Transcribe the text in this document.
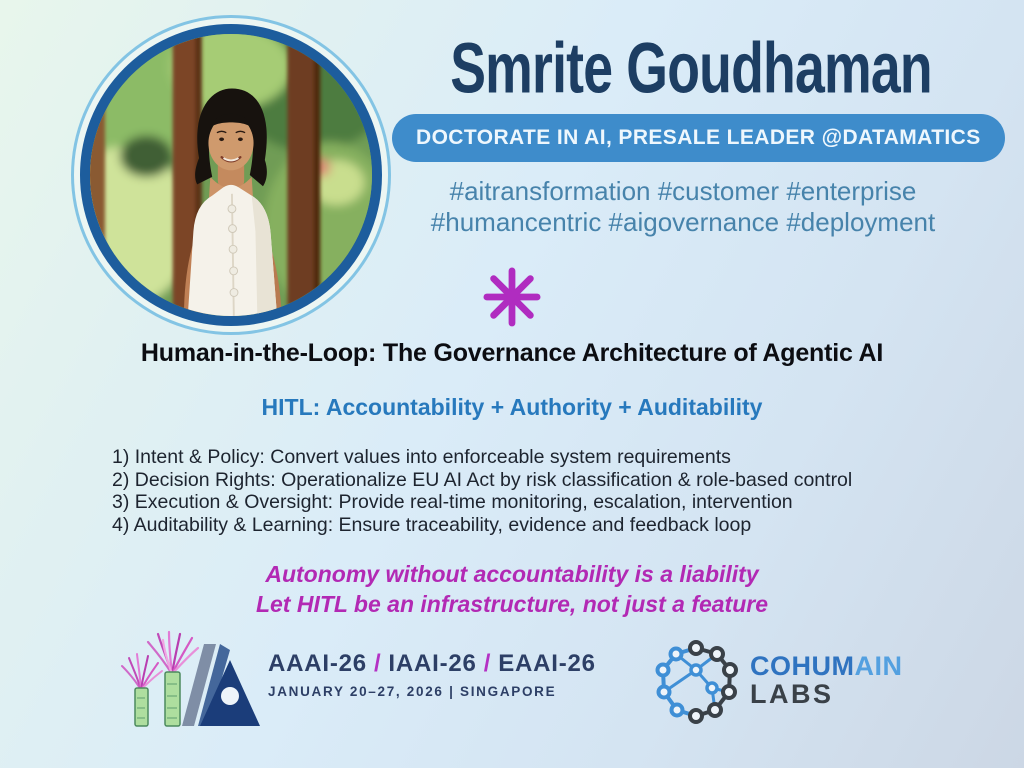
Smrite Goudhaman
DOCTORATE IN AI, PRESALE LEADER @DATAMATICS
#aitransformation #customer #enterprise
#humancentric #aigovernance #deployment
Human-in-the-Loop: The Governance Architecture of Agentic AI
HITL: Accountability + Authority + Auditability
1) Intent & Policy: Convert values into enforceable system requirements
2) Decision Rights: Operationalize EU AI Act by risk classification & role-based control
3) Execution & Oversight: Provide real-time monitoring, escalation, intervention
4) Auditability & Learning: Ensure traceability, evidence and feedback loop
Autonomy without accountability is a liability
Let HITL be an infrastructure, not just a feature
AAAI-26 / IAAI-26 / EAAI-26
JANUARY 20–27, 2026 | SINGAPORE
COHUMAIN
LABS
